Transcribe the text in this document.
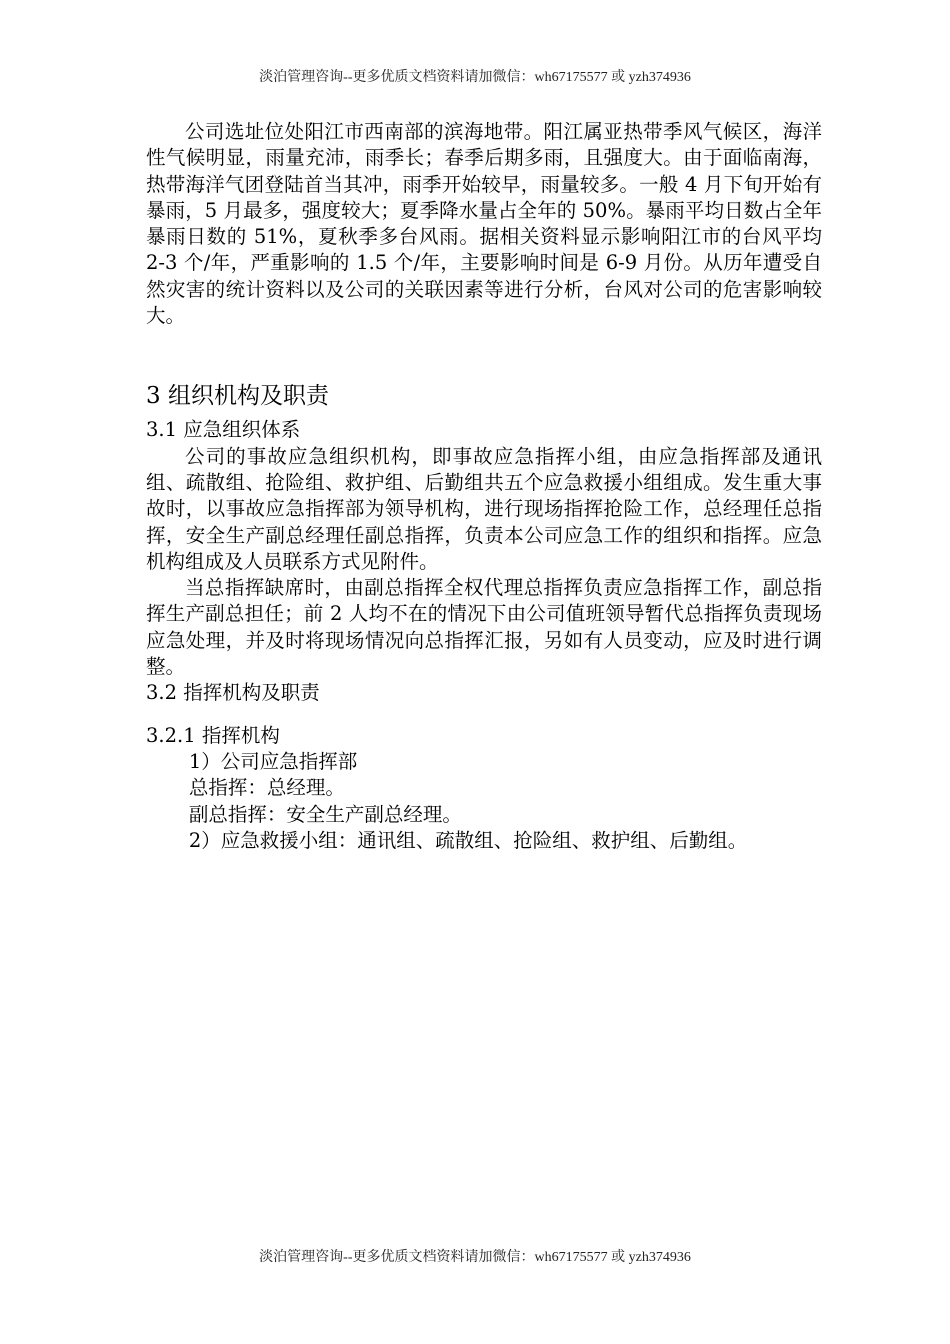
淡泊管理咨询--更多优质文档资料请加微信：wh67175577 或 yzh374936

公司选址位处阳江市西南部的滨海地带。阳江属亚热带季风气候区，海洋性气候明显，雨量充沛，雨季长；春季后期多雨，且强度大。由于面临南海，热带海洋气团登陆首当其冲，雨季开始较早，雨量较多。一般 4 月下旬开始有暴雨，5 月最多，强度较大；夏季降水量占全年的 50%。暴雨平均日数占全年暴雨日数的 51%，夏秋季多台风雨。据相关资料显示影响阳江市的台风平均 2-3 个/年，严重影响的 1.5 个/年，主要影响时间是 6-9 月份。从历年遭受自然灾害的统计资料以及公司的关联因素等进行分析，台风对公司的危害影响较大。

3 组织机构及职责
3.1 应急组织体系

公司的事故应急组织机构，即事故应急指挥小组，由应急指挥部及通讯组、疏散组、抢险组、救护组、后勤组共五个应急救援小组组成。发生重大事故时，以事故应急指挥部为领导机构，进行现场指挥抢险工作，总经理任总指挥，安全生产副总经理任副总指挥，负责本公司应急工作的组织和指挥。应急机构组成及人员联系方式见附件。

当总指挥缺席时，由副总指挥全权代理总指挥负责应急指挥工作，副总指挥生产副总担任；前 2 人均不在的情况下由公司值班领导暂代总指挥负责现场应急处理，并及时将现场情况向总指挥汇报，另如有人员变动，应及时进行调整。

3.2 指挥机构及职责
3.2.1 指挥机构
1）公司应急指挥部
总指挥：总经理。
副总指挥：安全生产副总经理。
2）应急救援小组：通讯组、疏散组、抢险组、救护组、后勤组。
淡泊管理咨询--更多优质文档资料请加微信：wh67175577 或 yzh374936
